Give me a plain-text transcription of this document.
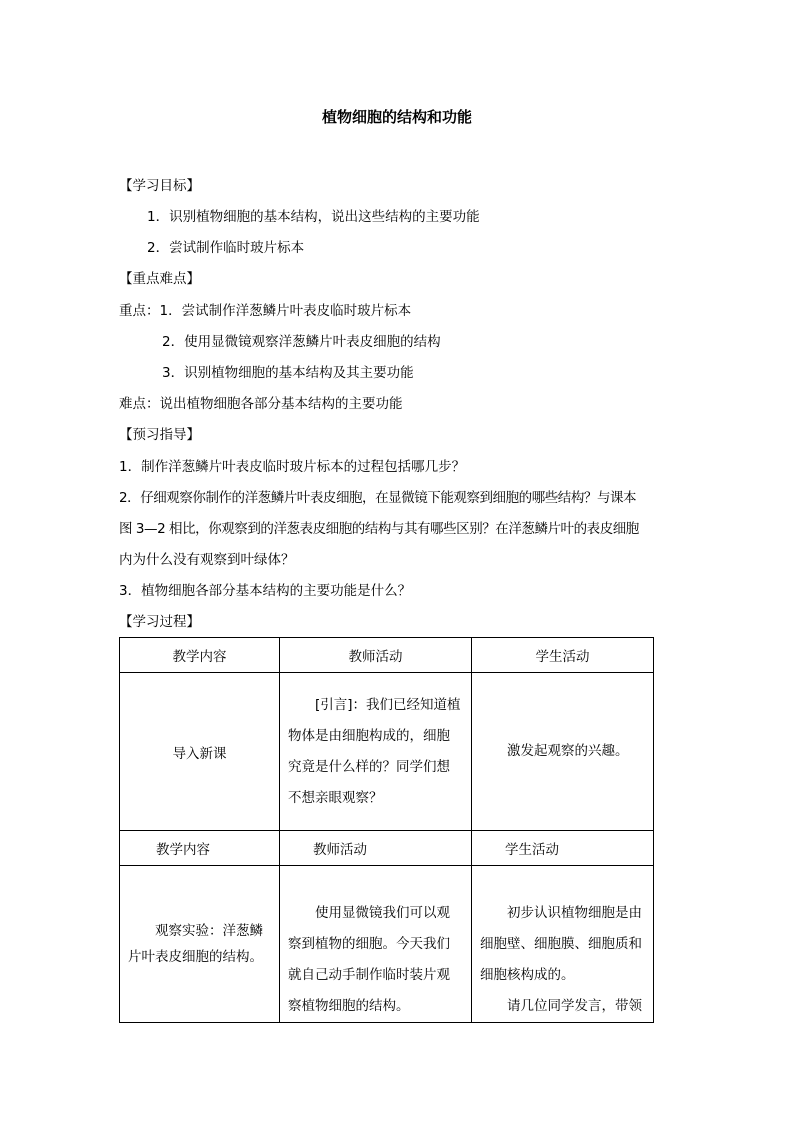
植物细胞的结构和功能
【学习目标】
1．识别植物细胞的基本结构，说出这些结构的主要功能
2．尝试制作临时玻片标本
【重点难点】
重点：1．尝试制作洋葱鳞片叶表皮临时玻片标本
2．使用显微镜观察洋葱鳞片叶表皮细胞的结构
3．识别植物细胞的基本结构及其主要功能
难点：说出植物细胞各部分基本结构的主要功能
【预习指导】
1．制作洋葱鳞片叶表皮临时玻片标本的过程包括哪几步？
2．仔细观察你制作的洋葱鳞片叶表皮细胞，在显微镜下能观察到细胞的哪些结构？与课本
图 3—2 相比，你观察到的洋葱表皮细胞的结构与其有哪些区别？在洋葱鳞片叶的表皮细胞
内为什么没有观察到叶绿体？
3．植物细胞各部分基本结构的主要功能是什么？
【学习过程】
教学内容	教师活动	学生活动
导入新课	[引言]：我们已经知道植物体是由细胞构成的，细胞究竟是什么样的？同学们想不想亲眼观察？	激发起观察的兴趣。

教学内容	教师活动	学生活动

观察实验：洋葱鳞片叶表皮细胞的结构。	使用显微镜我们可以观察到植物的细胞。今天我们就自己动手制作临时装片观察植物细胞的结构。	初步认识植物细胞是由细胞壁、细胞膜、细胞质和细胞核构成的。
请几位同学发言，带领
